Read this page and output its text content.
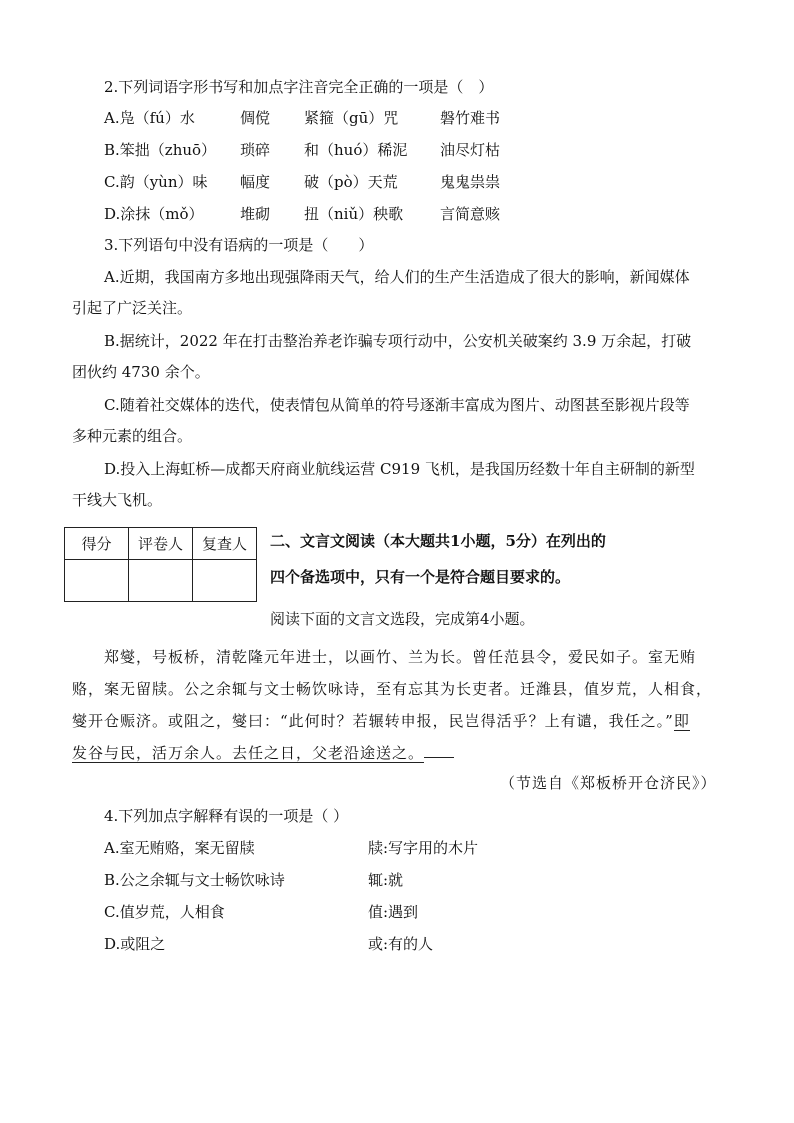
2.下列词语字形书写和加点字注音完全正确的一项是（　）
A.凫（fú）水	倜傥 紧箍（gū）咒	磐竹难书
B.笨拙（zhuō） 琐碎 和（huó）稀泥 油尽灯枯
C.韵（yùn）味 幅度 破（pò）天荒	鬼鬼祟祟
D.涂抹（mǒ） 堆砌 扭（niǔ）秧歌 言简意赅
3.下列语句中没有语病的一项是（　　）
A.近期，我国南方多地出现强降雨天气，给人们的生产生活造成了很大的影响，新闻媒体
引起了广泛关注。
B.据统计，2022 年在打击整治养老诈骗专项行动中，公安机关破案约 3.9 万余起，打破
团伙约 4730 余个。
C.随着社交媒体的迭代，使表情包从简单的符号逐渐丰富成为图片、动图甚至影视片段等
多种元素的组合。
D.投入上海虹桥—成都天府商业航线运营 C919 飞机，是我国历经数十年自主研制的新型
干线大飞机。
得分	评卷人	复查人
		二、文言文阅读（本大题共1小题，5分）在列出的
四个备选项中，只有一个是符合题目要求的。
阅读下面的文言文选段，完成第4小题。
郑燮，号板桥，清乾隆元年进士，以画竹、兰为长。曾任范县令，爱民如子。室无贿
赂，案无留牍。公之余辄与文士畅饮咏诗，至有忘其为长吏者。迁潍县，值岁荒，人相食，
燮开仓赈济。或阻之，燮曰：“此何时？若辗转申报，民岂得活乎？上有谴，我任之。”即
发谷与民，活万余人。去任之日，父老沿途送之。
（节选自《郑板桥开仓济民》）
4.下列加点字解释有误的一项是（ ）
A.室无贿赂，案无留牍	牍:写字用的木片
B.公之余辄与文士畅饮咏诗	辄:就
C.值岁荒，人相食	值:遇到
D.或阻之	或:有的人
